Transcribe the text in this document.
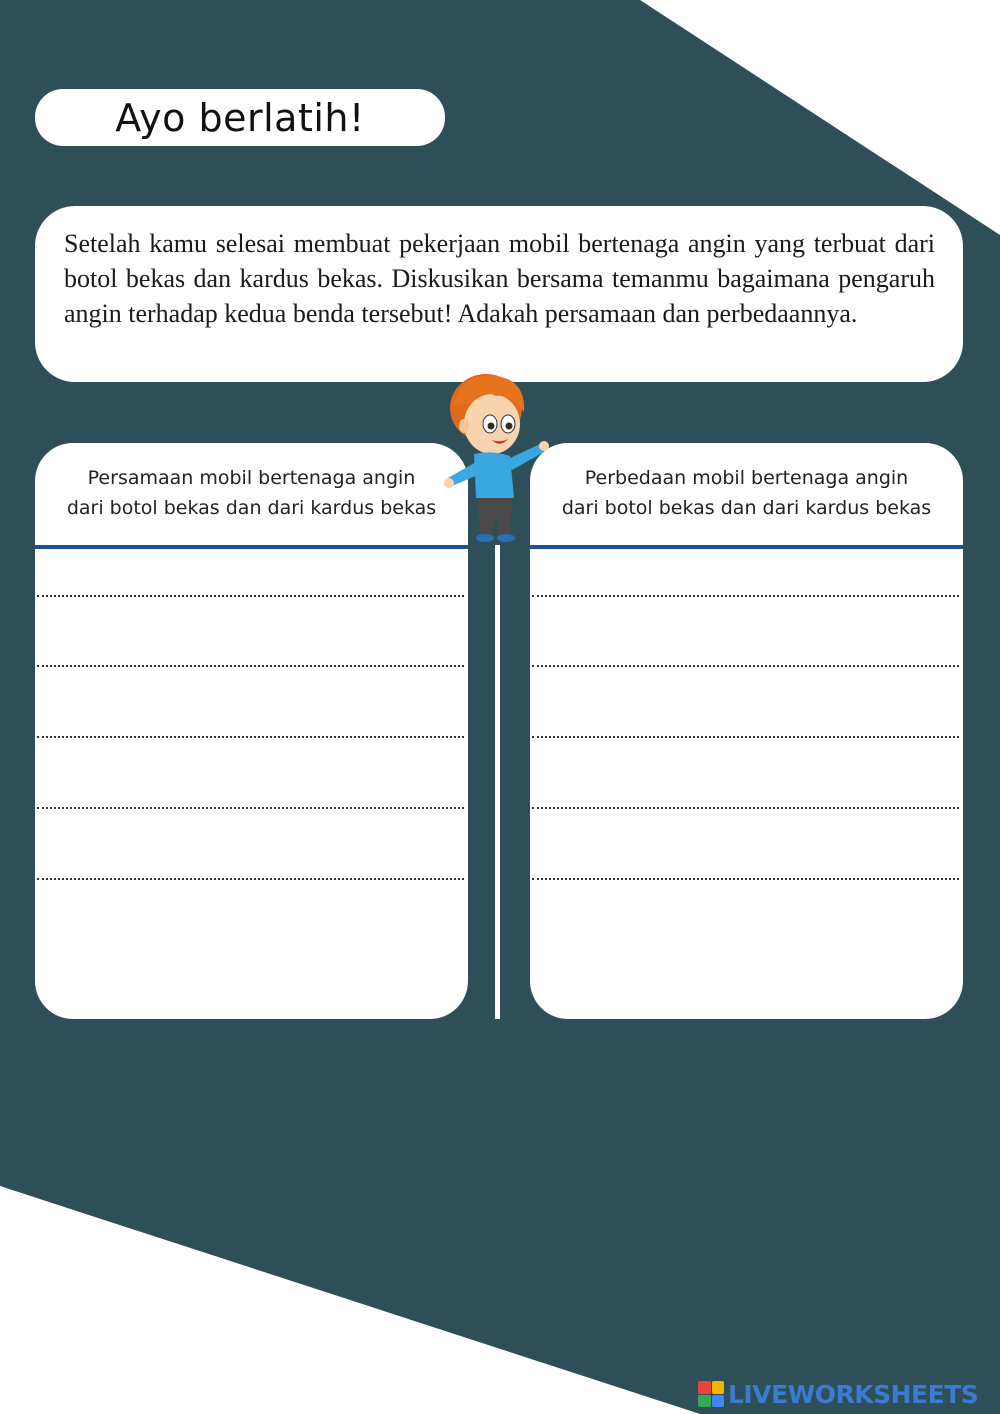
Ayo berlatih!

Setelah kamu selesai membuat pekerjaan mobil bertenaga angin yang terbuat dari botol bekas dan kardus bekas. Diskusikan bersama temanmu bagaimana pengaruh angin terhadap kedua benda tersebut! Adakah persamaan dan perbedaannya.

Persamaan mobil bertenaga angin
dari botol bekas dan dari kardus bekas
Perbedaan mobil bertenaga angin
dari botol bekas dan dari kardus bekas
LIVEWORKSHEETS
